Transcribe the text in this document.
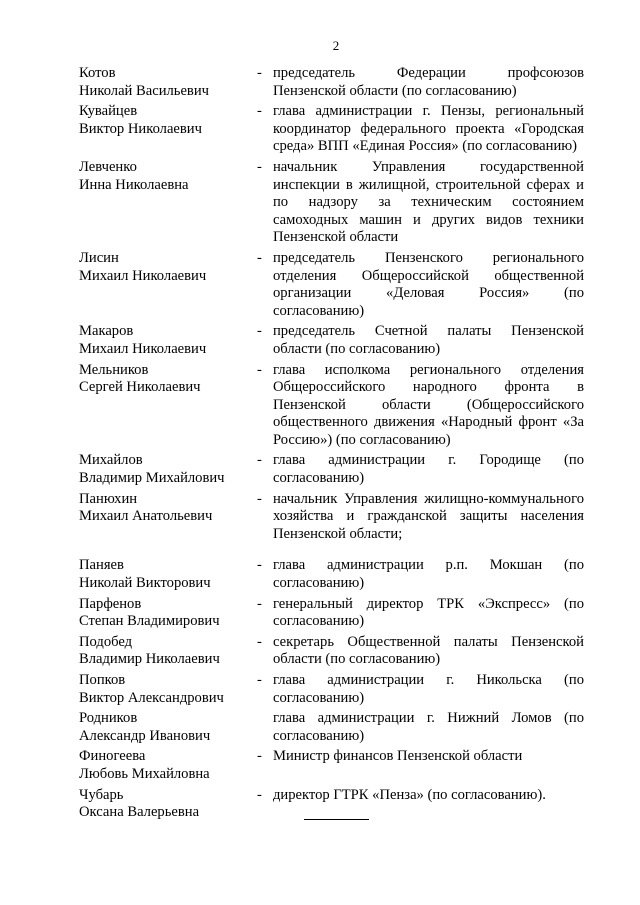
2
Котов
Николай Васильевич
- председатель Федерации профсоюзов Пензенской области (по согласованию)
Кувайцев
Виктор Николаевич
- глава администрации г. Пензы, региональный координатор федерального проекта «Городская среда» ВПП «Единая Россия» (по согласованию)
Левченко
Инна Николаевна
- начальник Управления государственной инспекции в жилищной, строительной сферах и по надзору за техническим состоянием самоходных машин и других видов техники Пензенской области
Лисин
Михаил Николаевич
- председатель Пензенского регионального отделения Общероссийской общественной организации «Деловая Россия» (по согласованию)
Макаров
Михаил Николаевич
- председатель Счетной палаты Пензенской области (по согласованию)
Мельников
Сергей Николаевич
- глава исполкома регионального отделения Общероссийского народного фронта в Пензенской области (Общероссийского общественного движения «Народный фронт «За Россию») (по согласованию)
Михайлов
Владимир Михайлович
- глава администрации г. Городище (по согласованию)
Панюхин
Михаил Анатольевич
- начальник Управления жилищно-коммунального хозяйства и гражданской защиты населения Пензенской области;
Паняев
Николай Викторович
- глава администрации р.п. Мокшан (по согласованию)
Парфенов
Степан Владимирович
- генеральный директор ТРК «Экспресс» (по согласованию)
Подобед
Владимир Николаевич
- секретарь Общественной палаты Пензенской области (по согласованию)
Попков
Виктор Александрович
- глава администрации г. Никольска (по согласованию)
Родников
Александр Иванович
глава администрации г. Нижний Ломов (по согласованию)
Финогеева
Любовь Михайловна
- Министр финансов Пензенской области
Чубарь
Оксана Валерьевна
- директор ГТРК «Пенза» (по согласованию).
